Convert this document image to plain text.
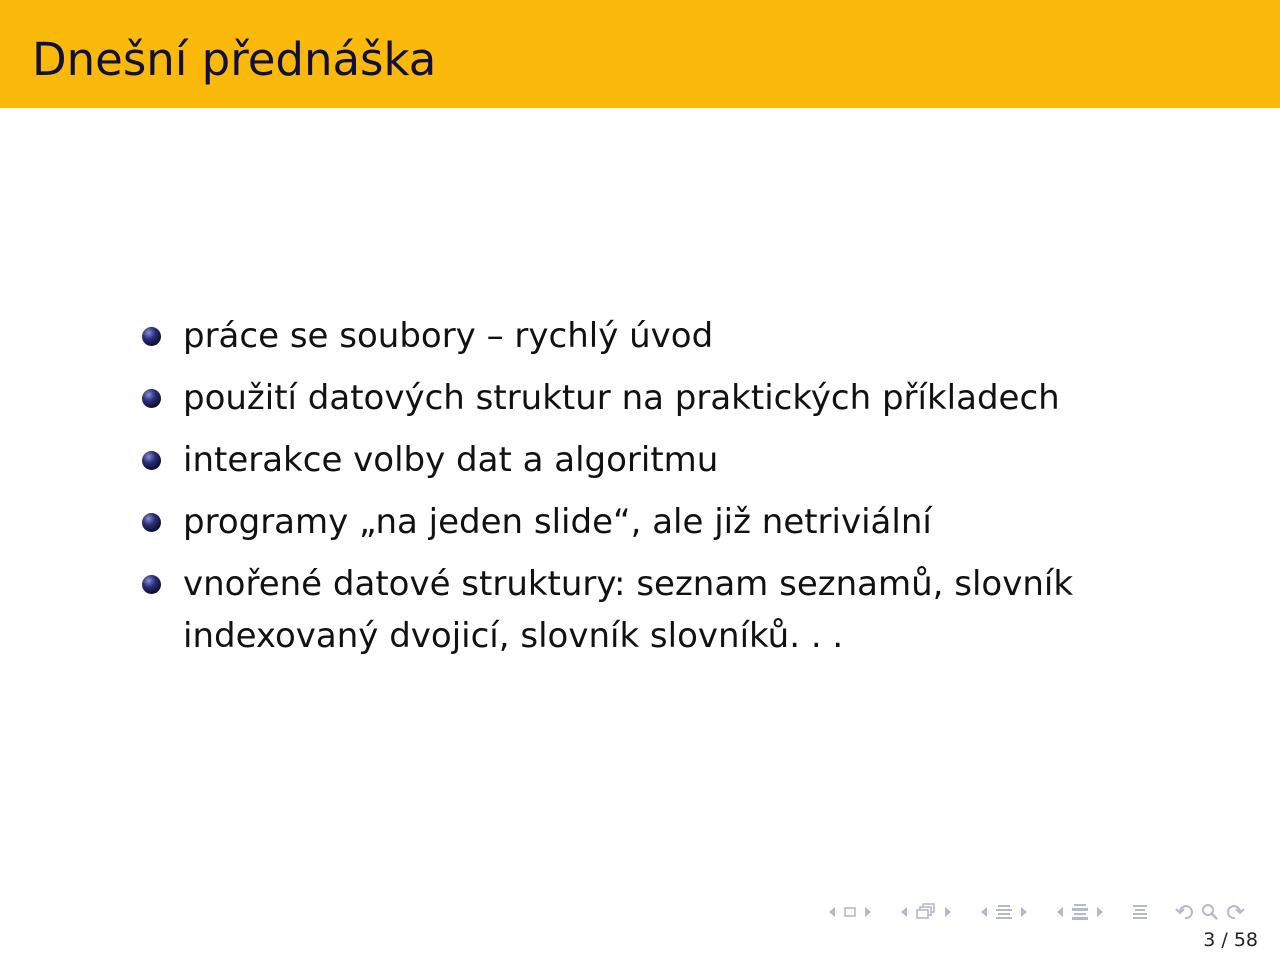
Dnešní přednáška
práce se soubory – rychlý úvod
použití datových struktur na praktických příkladech
interakce volby dat a algoritmu
programy „na jeden slide“, ale již netriviální
vnořené datové struktury: seznam seznamů, slovník indexovaný dvojicí, slovník slovníků. . .
3 / 58
